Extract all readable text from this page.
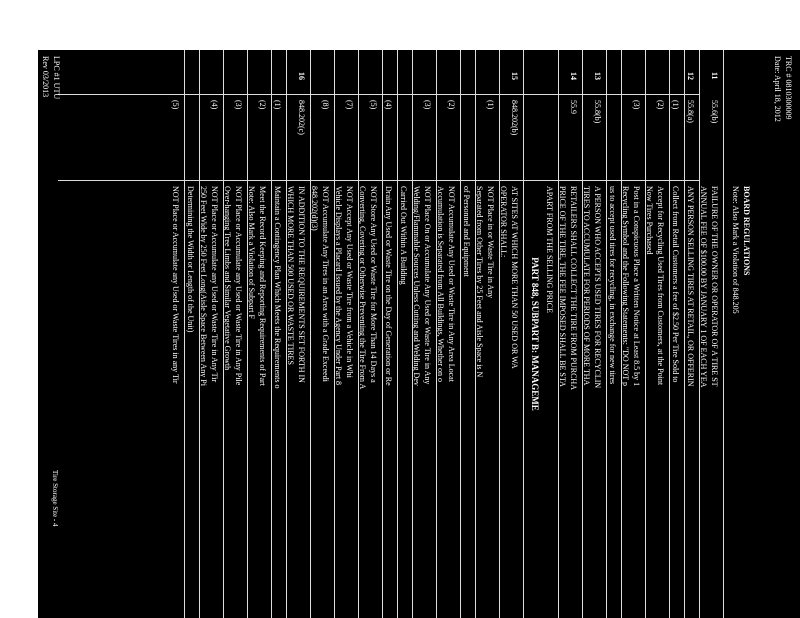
TRC # 0810300009
Date: April 18, 2012
BOARD REGULATIONS
Note: Also Mark a Violation of 848.205
11
55.6(b)
FAILURE OF THE OWNER OR OPERATOR OF A TIRE ST
ANNUAL FEE OF $100.00 BY JANUARY 1 OF EACH YEA
12
55.8(a)
ANY PERSON SELLING TIRES AT RETAIL, OR OFFERIN
(1)
Collect from Retail Customers a fee of $2.50 Per Tire Sold to
(2)
Accept for Recycling Used Tires from Customers, at the Point
Now Tires Purchased
(3)
Post in a Conspicuous Place a Written Notice at Least 8.5 by 1
Recycling Symbol and the Following Statements: "DO NOT p
us to accept used tires for recycling, in exchange for new tires
13
55.8(b)
A PERSON WHO ACCEPTS USED TIRES FOR RECYCLIN
TIRES TO ACCUMULATE FOR PERIODS OF MORE THA
14
55.9
RETAILERS SHALL COLLECT THE TIRE FROM PURCHA
PRICE OF THE TIRE, THE FEE IMPOSED SHALL BE STA
APART FROM THE SELLING PRICE
PART 848, SUBPART B: MANAGEME
15
848.202(b)
AT SITES AT WHICH MORE THAN 50 USED OR WA
OPERATOR SHALL:
(1)
NOT Place in or Waste Tire in Any
Separated from Other Tires by 25 Feet and Aisle Space is N
of Personnel and Equipment
(2)
NOT Accumulate Any Used or Waste Tire in Any Area Locat
Accumulation is Separated from All Buildings, Whether on o
(3)
NOT Place On or Accumulate Any Used or Waste Tire in Any
Welding/Flammable Sources Unless Cutting and Welding Dev
Carried Out Within A Building
(4)
Drain Any Used or Waste Tire on the Day of Generation or Re
(5)
NOT Store Any Used or Waste Tire for More Than 14 Days a
Converting, Covering or Otherwise Preventing the Tire From A
(7)
NOT Accept Any Used or Waste Tire from a Vehicle in Whi
Vehicle Displays a Placard Issued by the Agency Under Part 8
(8)
NOT Accumulate Any Tires in an Area with a Grade Exceedi
848.202(d)(3)
16
848.202(c)
IN ADDITION TO THE REQUIREMENTS SET FORTH IN
WHICH MORE THAN 500 USED OR WASTE TIRES
(1)
Maintain a Contingency Plan Which Meets the Requirements o
(2)
Meet the Record Keeping and Reporting Requirements of Part
Note: Also Mark a Violation of Subpart F
(3)
NOT Place or Accumulate any Used or Waste Tire in Any Pile
Over-hanging Tree Limbs and Similar Vegetative Growth
(4)
NOT Place or Accumulate any Used or Waste Tire in Any Tir
250 Feet Wide by 250 Feet Long(Aisle Space Between Any Pi
Determining the Width or Length of the Unit)
(5)
NOT Place or Accumulate any Used or Waste Tires in any Tir
LPC #1 UTU
Rev 03/2013
Tire Storage Site - 4
